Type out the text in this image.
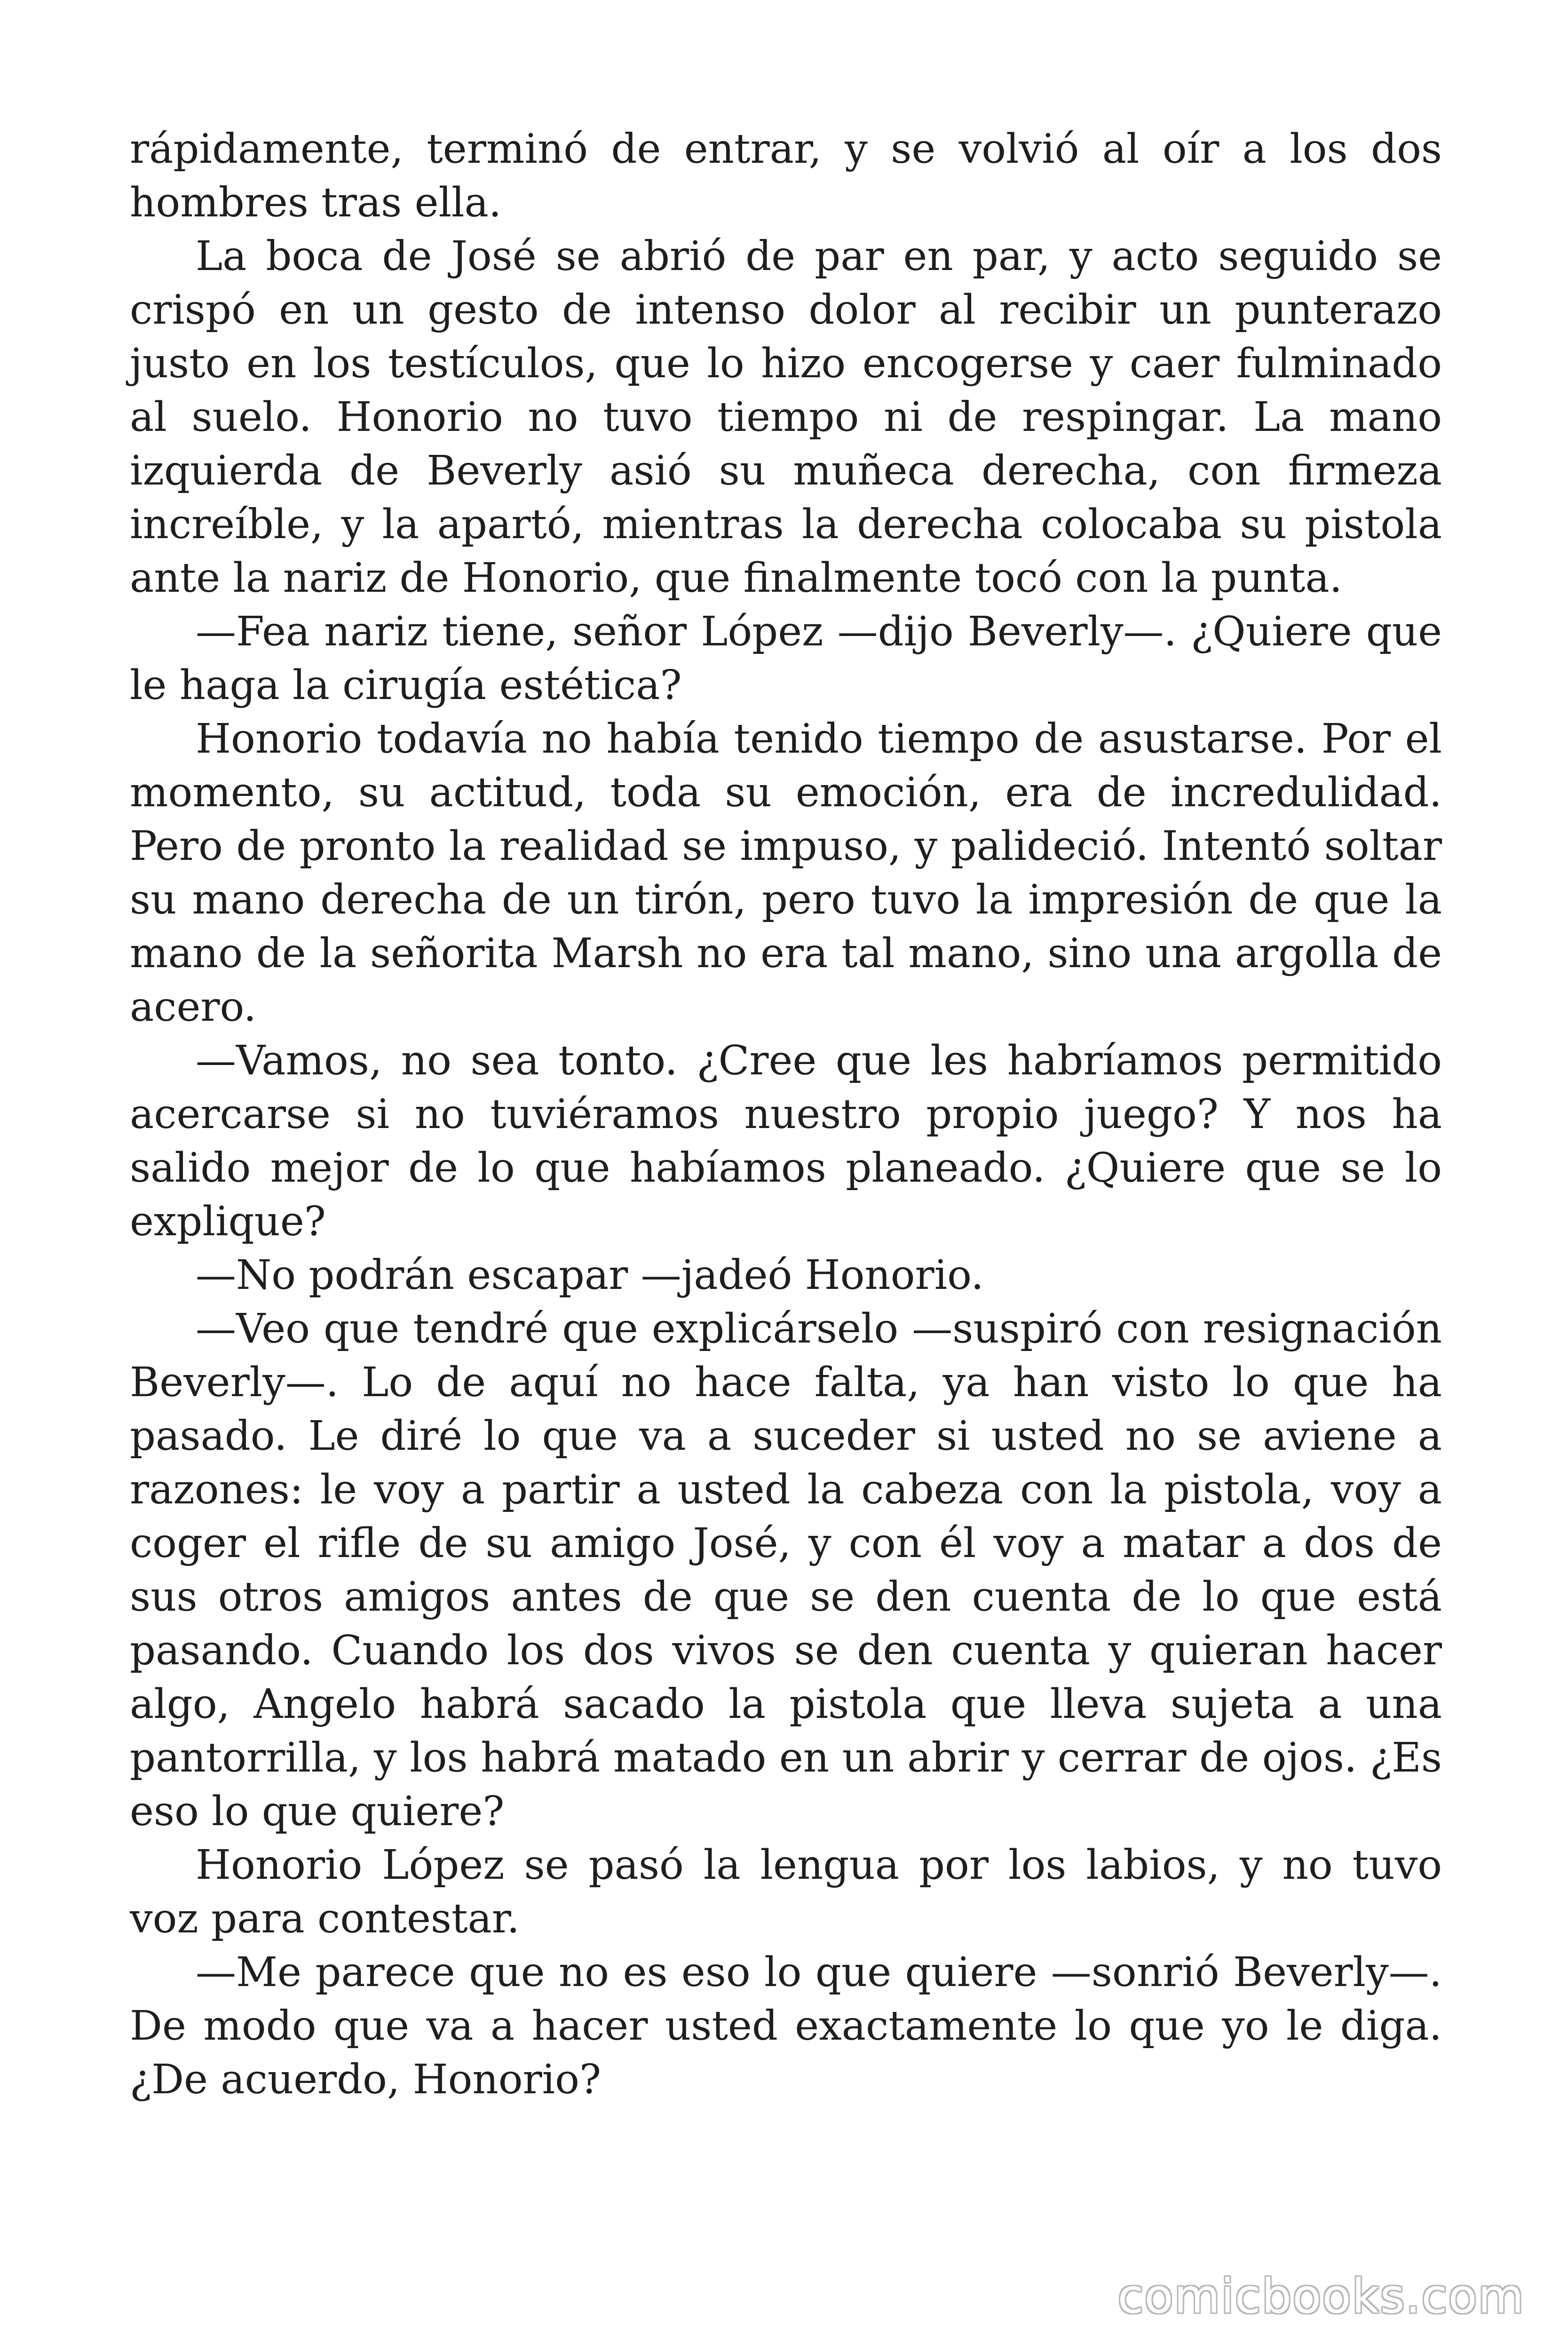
rápidamente, terminó de entrar, y se volvió al oír a los dos hombres tras ella.

La boca de José se abrió de par en par, y acto seguido se crispó en un gesto de intenso dolor al recibir un punterazo justo en los testículos, que lo hizo encogerse y caer fulminado al suelo. Honorio no tuvo tiempo ni de respingar. La mano izquierda de Beverly asió su muñeca derecha, con firmeza increíble, y la apartó, mientras la derecha colocaba su pistola ante la nariz de Honorio, que finalmente tocó con la punta.

—Fea nariz tiene, señor López —dijo Beverly—. ¿Quiere que le haga la cirugía estética?

Honorio todavía no había tenido tiempo de asustarse. Por el momento, su actitud, toda su emoción, era de incredulidad. Pero de pronto la realidad se impuso, y palideció. Intentó soltar su mano derecha de un tirón, pero tuvo la impresión de que la mano de la señorita Marsh no era tal mano, sino una argolla de acero.

—Vamos, no sea tonto. ¿Cree que les habríamos permitido acercarse si no tuviéramos nuestro propio juego? Y nos ha salido mejor de lo que habíamos planeado. ¿Quiere que se lo explique?

—No podrán escapar —jadeó Honorio.

—Veo que tendré que explicárselo —suspiró con resignación Beverly—. Lo de aquí no hace falta, ya han visto lo que ha pasado. Le diré lo que va a suceder si usted no se aviene a razones: le voy a partir a usted la cabeza con la pistola, voy a coger el rifle de su amigo José, y con él voy a matar a dos de sus otros amigos antes de que se den cuenta de lo que está pasando. Cuando los dos vivos se den cuenta y quieran hacer algo, Angelo habrá sacado la pistola que lleva sujeta a una pantorrilla, y los habrá matado en un abrir y cerrar de ojos. ¿Es eso lo que quiere?

Honorio López se pasó la lengua por los labios, y no tuvo voz para contestar.

—Me parece que no es eso lo que quiere —sonrió Beverly—. De modo que va a hacer usted exactamente lo que yo le diga. ¿De acuerdo, Honorio?

comicbooks.com
